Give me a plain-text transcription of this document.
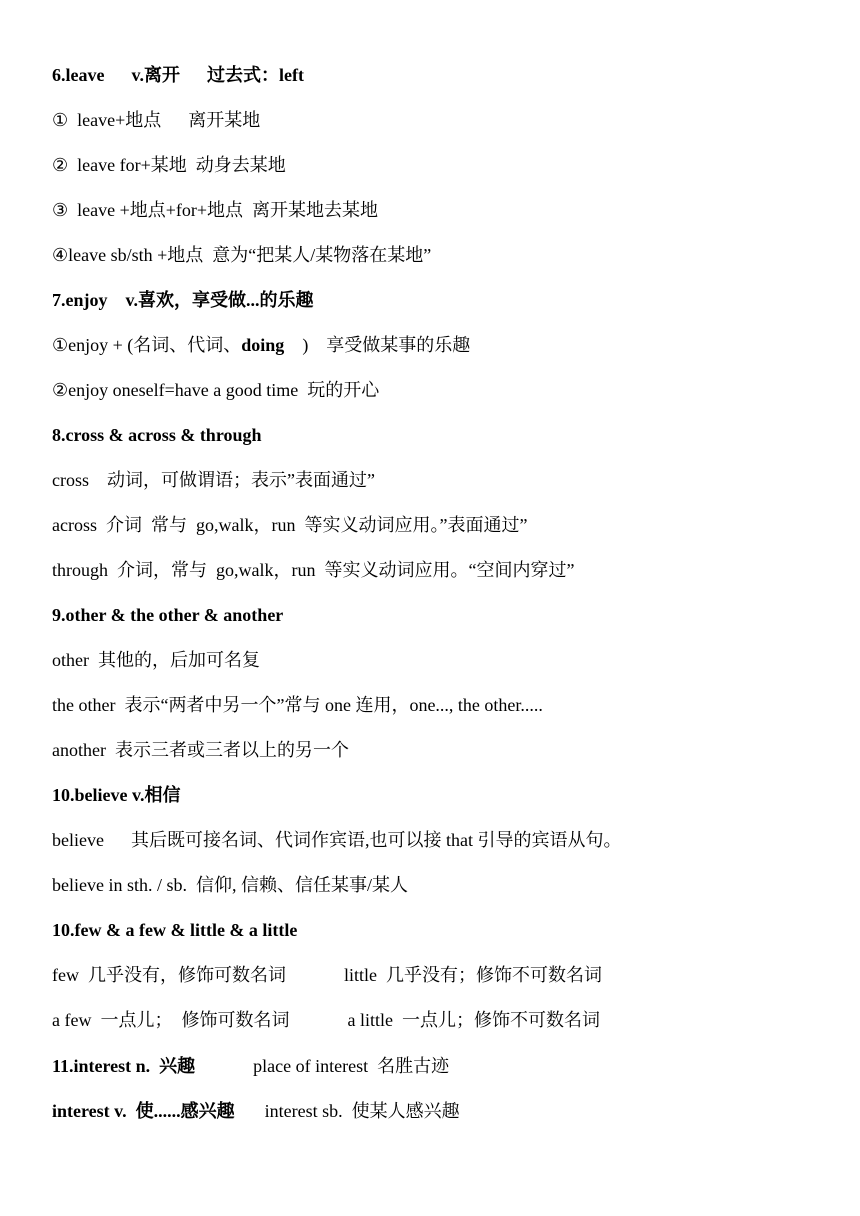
6.leave      v.离开      过去式：left
①  leave+地点      离开某地
②  leave for+某地  动身去某地
③  leave +地点+for+地点  离开某地去某地
④leave sb/sth +地点  意为“把某人/某物落在某地”
7.enjoy    v.喜欢，享受做...的乐趣
①enjoy + (名词、代词、doing    )    享受做某事的乐趣
②enjoy oneself=have a good time  玩的开心
8.cross & across & through
cross    动词，可做谓语；表示”表面通过”
across  介词  常与  go,walk，run  等实义动词应用。”表面通过”
through  介词，常与  go,walk，run  等实义动词应用。“空间内穿过”
9.other & the other & another
other  其他的，后加可名复
the other  表示“两者中另一个”常与 one 连用，one..., the other.....
another  表示三者或三者以上的另一个
10.believe v.相信
believe      其后既可接名词、代词作宾语,也可以接 that 引导的宾语从句。
believe in sth. / sb.  信仰, 信赖、信任某事/某人
10.few & a few & little & a little
few  几乎没有，修饰可数名词	little  几乎没有；修饰不可数名词
a few  一点儿；  修饰可数名词	a little  一点儿；修饰不可数名词
11.interest n.  兴趣	place of interest  名胜古迹
interest v.  使......感兴趣 interest sb.  使某人感兴趣
